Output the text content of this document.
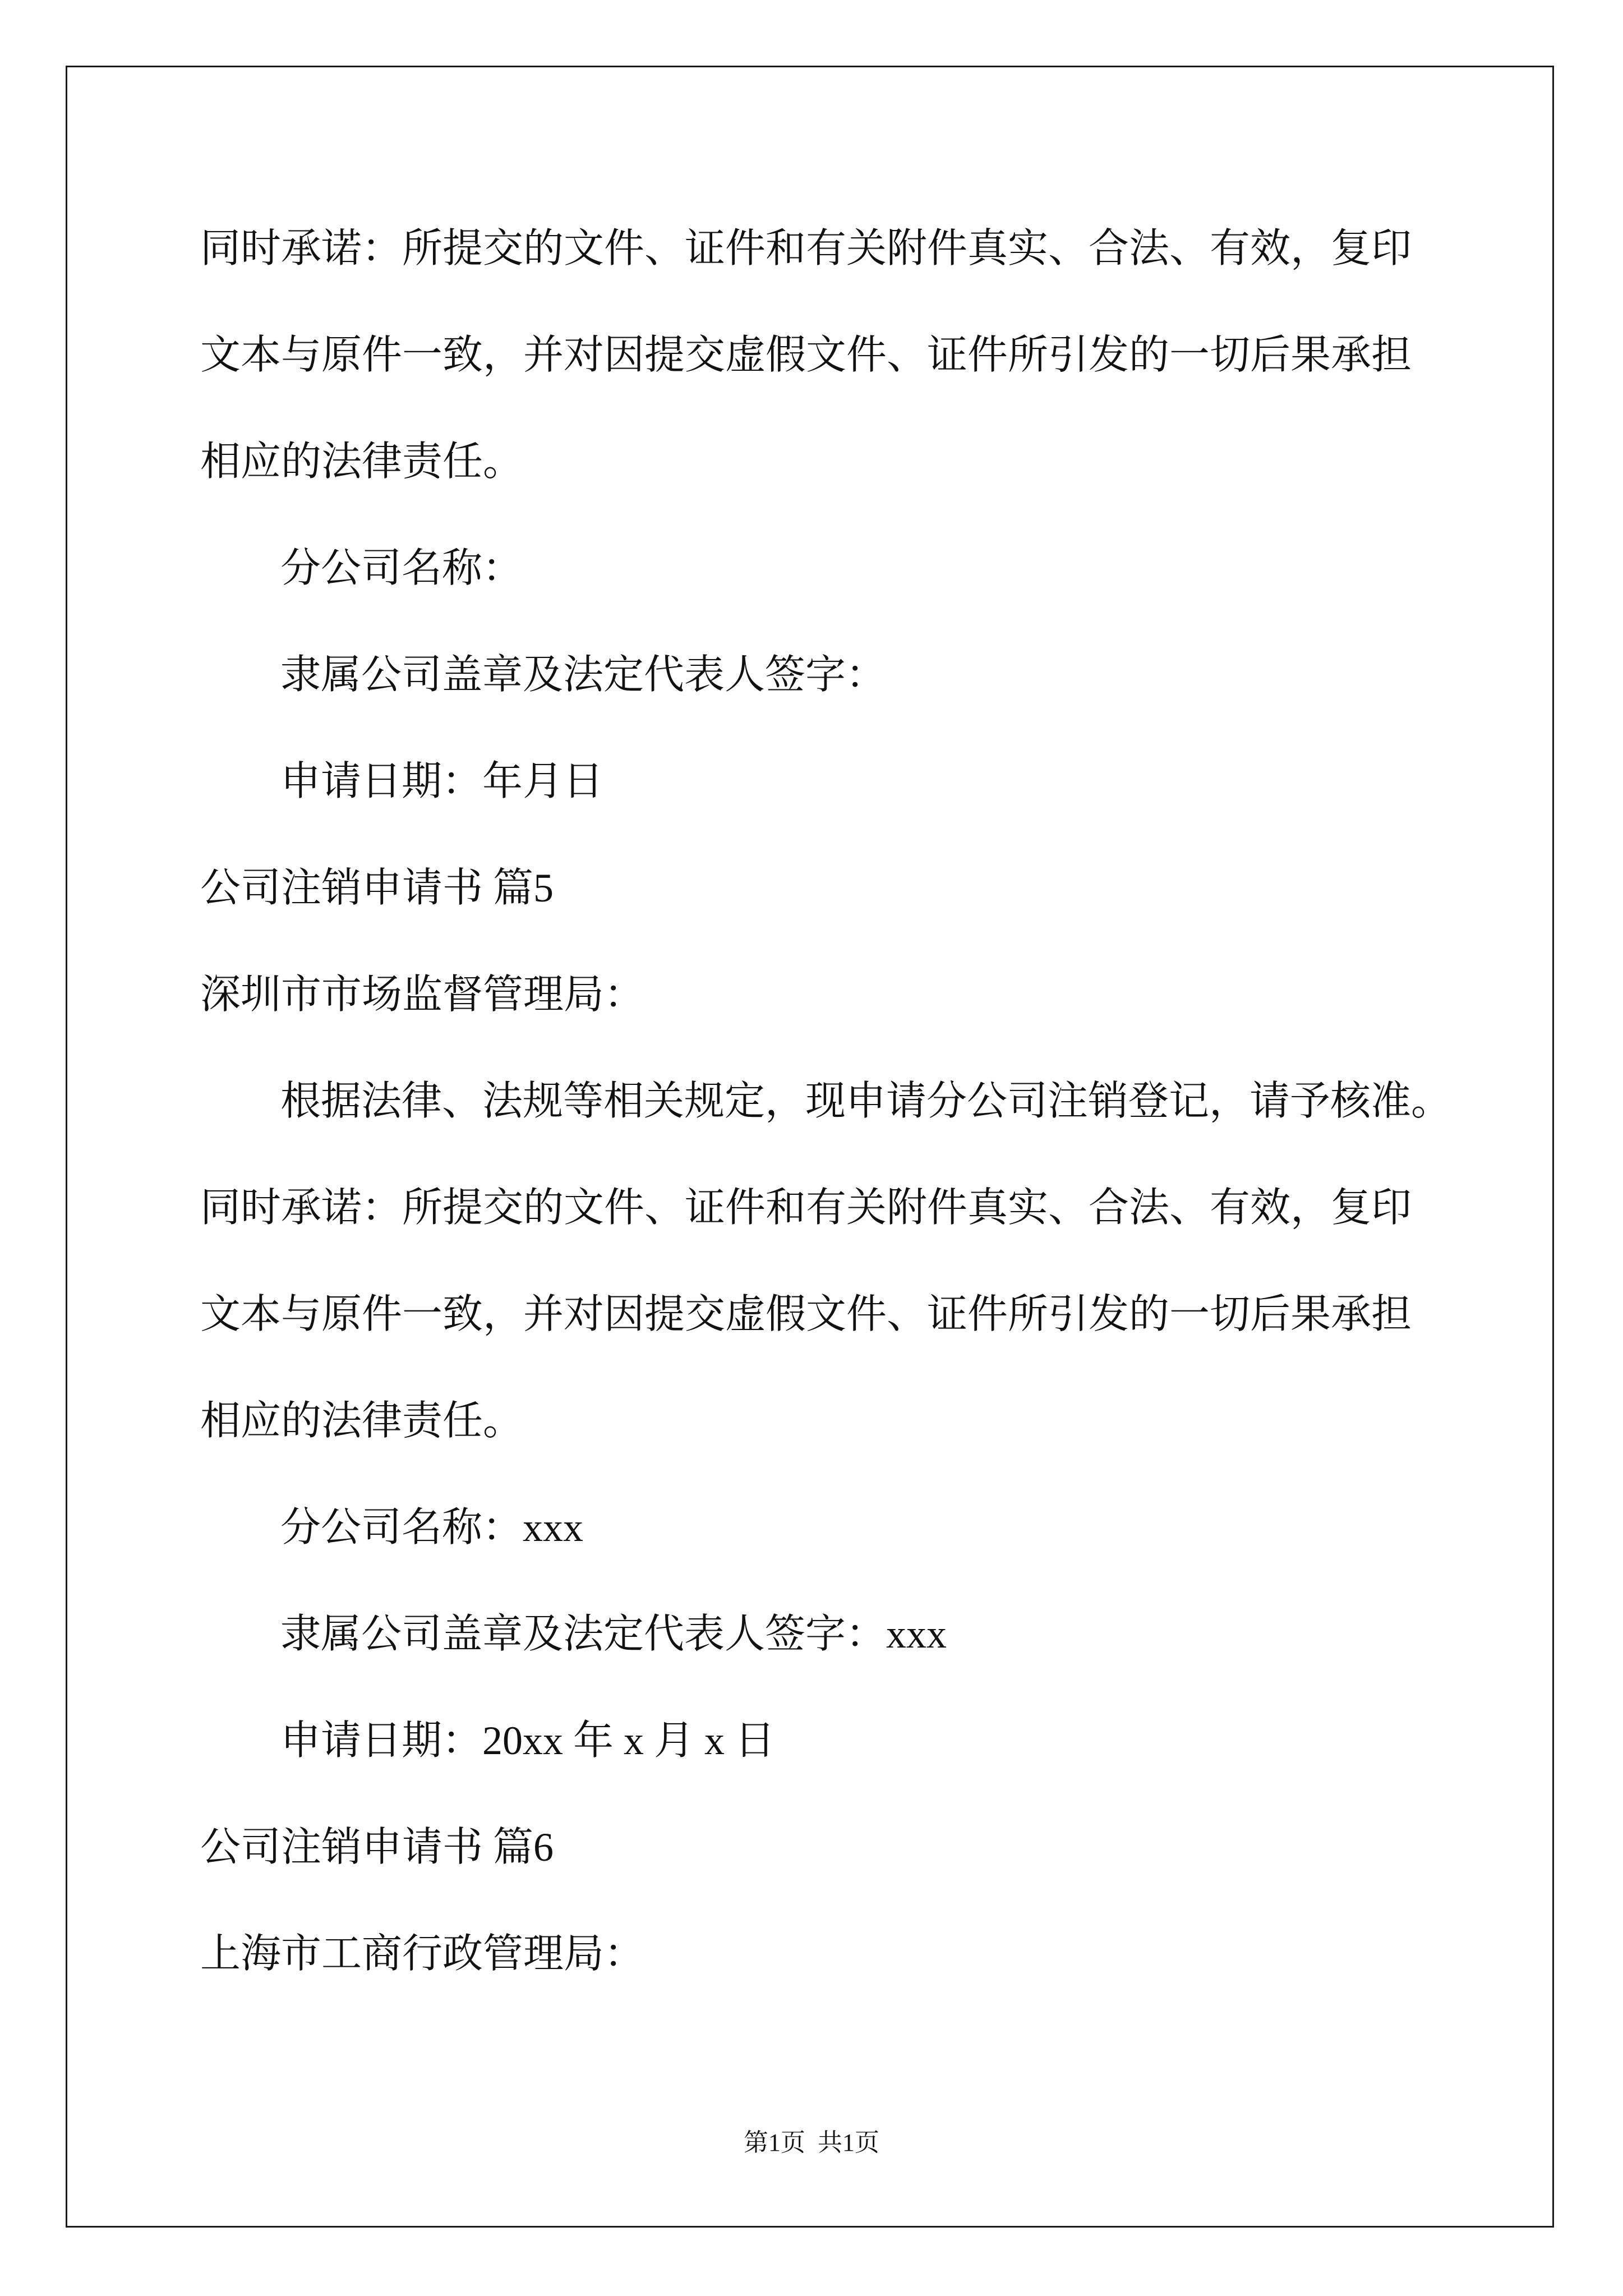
同时承诺：所提交的文件、证件和有关附件真实、合法、有效，复印
文本与原件一致，并对因提交虚假文件、证件所引发的一切后果承担
相应的法律责任。
分公司名称：
隶属公司盖章及法定代表人签字：
申请日期：年月日
公司注销申请书 篇5
深圳市市场监督管理局：
根据法律、法规等相关规定，现申请分公司注销登记，请予核准。
同时承诺：所提交的文件、证件和有关附件真实、合法、有效，复印
文本与原件一致，并对因提交虚假文件、证件所引发的一切后果承担
相应的法律责任。
分公司名称：xxx
隶属公司盖章及法定代表人签字：xxx
申请日期：20xx 年 x 月 x 日
公司注销申请书 篇6
上海市工商行政管理局：
第1页  共1页
